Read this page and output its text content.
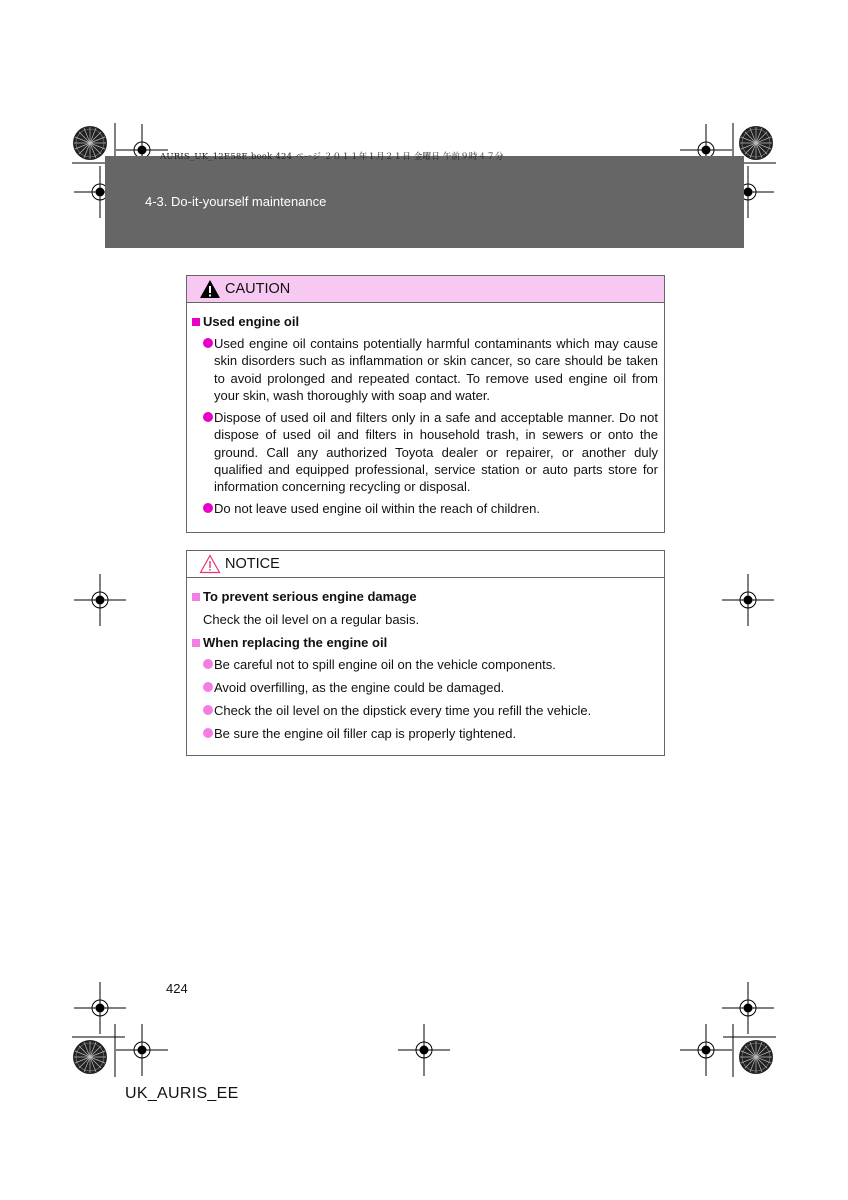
4-3. Do-it-yourself maintenance
AURIS_UK_12E58E.book 424 ページ ２０１１年１月２１日 金曜日 午前９時４７分
CAUTION
Used engine oil
Used engine oil contains potentially harmful contaminants which may cause skin disorders such as inflammation or skin cancer, so care should be taken to avoid prolonged and repeated contact. To remove used engine oil from your skin, wash thoroughly with soap and water.
Dispose of used oil and filters only in a safe and acceptable manner. Do not dispose of used oil and filters in household trash, in sewers or onto the ground. Call any authorized Toyota dealer or repairer, or another duly qualified and equipped professional, service station or auto parts store for information concerning recycling or disposal.
Do not leave used engine oil within the reach of children.
NOTICE
To prevent serious engine damage
Check the oil level on a regular basis.
When replacing the engine oil
Be careful not to spill engine oil on the vehicle components.
Avoid overfilling, as the engine could be damaged.
Check the oil level on the dipstick every time you refill the vehicle.
Be sure the engine oil filler cap is properly tightened.
424
UK_AURIS_EE
